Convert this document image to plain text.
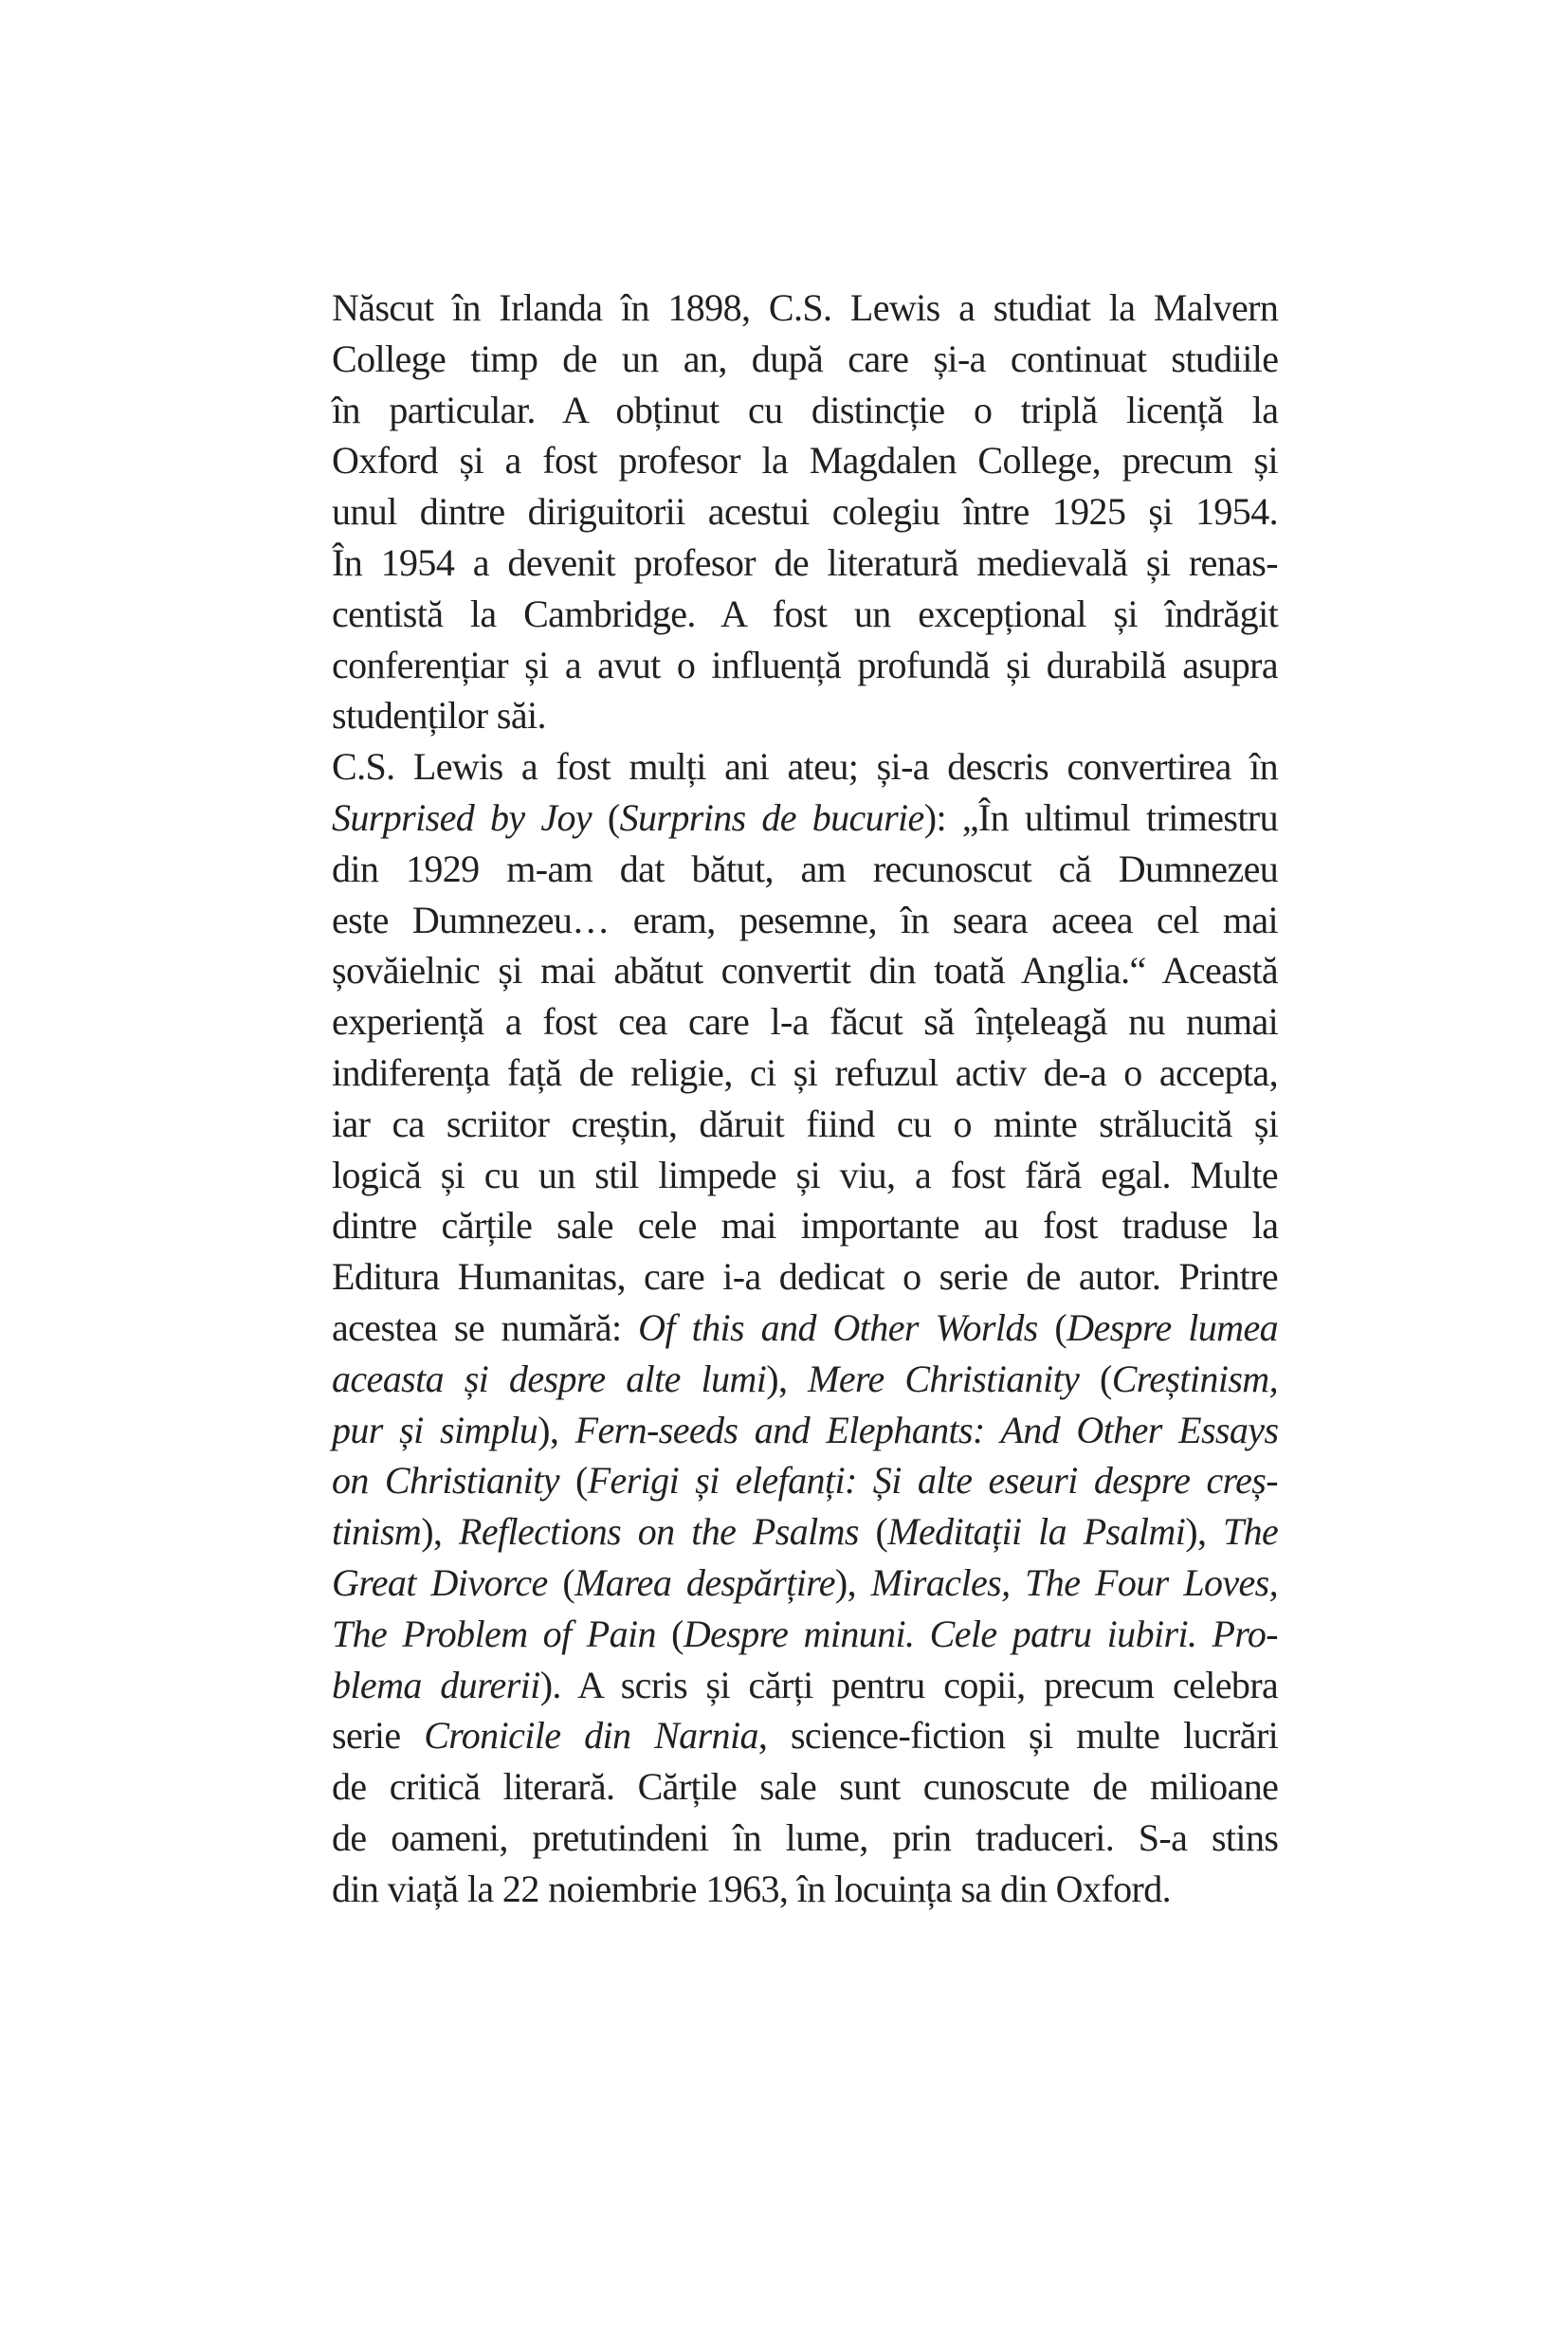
Născut în Irlanda în 1898, C.S. Lewis a studiat la Malvern
College timp de un an, după care și-a continuat studiile
în particular. A obținut cu distincție o triplă licență la
Oxford și a fost profesor la Magdalen College, precum și
unul dintre diriguitorii acestui colegiu între 1925 și 1954.
În 1954 a devenit profesor de literatură medievală și renas-
centistă la Cambridge. A fost un excepțional și îndrăgit
conferențiar și a avut o influență profundă și durabilă asupra
studenților săi.
C.S. Lewis a fost mulți ani ateu; și-a descris convertirea în
Surprised by Joy (Surprins de bucurie): „În ultimul trimestru
din 1929 m-am dat bătut, am recunoscut că Dumnezeu
este Dumnezeu… eram, pesemne, în seara aceea cel mai
șovăielnic și mai abătut convertit din toată Anglia.“ Această
experiență a fost cea care l-a făcut să înțeleagă nu numai
indiferența față de religie, ci și refuzul activ de-a o accepta,
iar ca scriitor creștin, dăruit fiind cu o minte strălucită și
logică și cu un stil limpede și viu, a fost fără egal. Multe
dintre cărțile sale cele mai importante au fost traduse la
Editura Humanitas, care i-a dedicat o serie de autor. Printre
acestea se numără: Of this and Other Worlds (Despre lumea
aceasta și despre alte lumi), Mere Christianity (Creștinism,
pur și simplu), Fern-seeds and Elephants: And Other Essays
on Christianity (Ferigi și elefanți: Și alte eseuri despre creș-
tinism), Reflections on the Psalms (Meditații la Psalmi), The
Great Divorce (Marea despărțire), Miracles, The Four Loves,
The Problem of Pain (Despre minuni. Cele patru iubiri. Pro-
blema durerii). A scris și cărți pentru copii, precum celebra
serie Cronicile din Narnia, science-fiction și multe lucrări
de critică literară. Cărțile sale sunt cunoscute de milioane
de oameni, pretutindeni în lume, prin traduceri. S-a stins
din viață la 22 noiembrie 1963, în locuința sa din Oxford.
